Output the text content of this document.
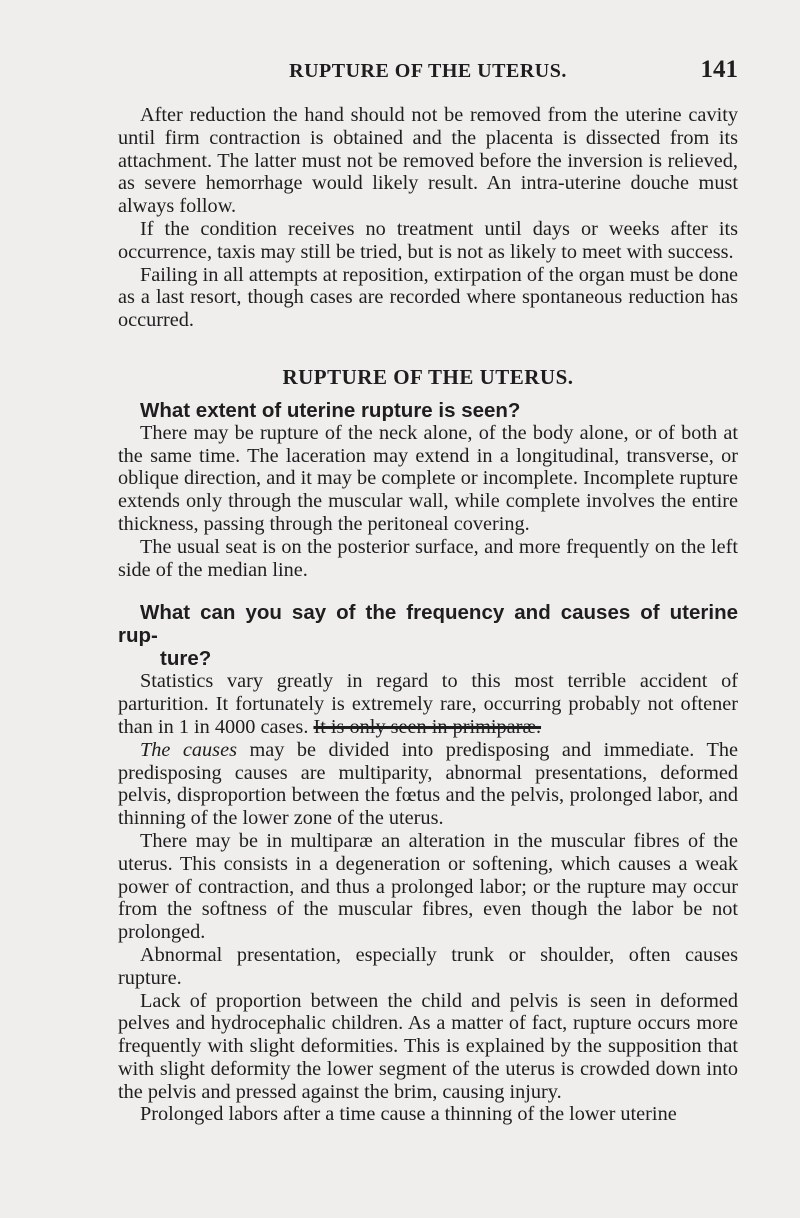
RUPTURE OF THE UTERUS.	141

After reduction the hand should not be removed from the uterine cavity until firm contraction is obtained and the placenta is dissected from its attachment. The latter must not be removed before the inversion is relieved, as severe hemorrhage would likely result. An intra-uterine douche must always follow.

If the condition receives no treatment until days or weeks after its occurrence, taxis may still be tried, but is not as likely to meet with success.

Failing in all attempts at reposition, extirpation of the organ must be done as a last resort, though cases are recorded where spontaneous reduction has occurred.

RUPTURE OF THE UTERUS.

What extent of uterine rupture is seen?

There may be rupture of the neck alone, of the body alone, or of both at the same time. The laceration may extend in a longitudinal, transverse, or oblique direction, and it may be complete or incomplete. Incomplete rupture extends only through the muscular wall, while complete involves the entire thickness, passing through the peritoneal covering.

The usual seat is on the posterior surface, and more frequently on the left side of the median line.

What can you say of the frequency and causes of uterine rup-
ture?

Statistics vary greatly in regard to this most terrible accident of parturition. It fortunately is extremely rare, occurring probably not oftener than in 1 in 4000 cases. It is only seen in primiparæ.

The causes may be divided into predisposing and immediate. The predisposing causes are multiparity, abnormal presentations, deformed pelvis, disproportion between the fœtus and the pelvis, prolonged labor, and thinning of the lower zone of the uterus.

There may be in multiparæ an alteration in the muscular fibres of the uterus. This consists in a degeneration or softening, which causes a weak power of contraction, and thus a prolonged labor; or the rupture may occur from the softness of the muscular fibres, even though the labor be not prolonged.

Abnormal presentation, especially trunk or shoulder, often causes rupture.

Lack of proportion between the child and pelvis is seen in deformed pelves and hydrocephalic children. As a matter of fact, rupture occurs more frequently with slight deformities. This is explained by the supposition that with slight deformity the lower segment of the uterus is crowded down into the pelvis and pressed against the brim, causing injury.

Prolonged labors after a time cause a thinning of the lower uterine
